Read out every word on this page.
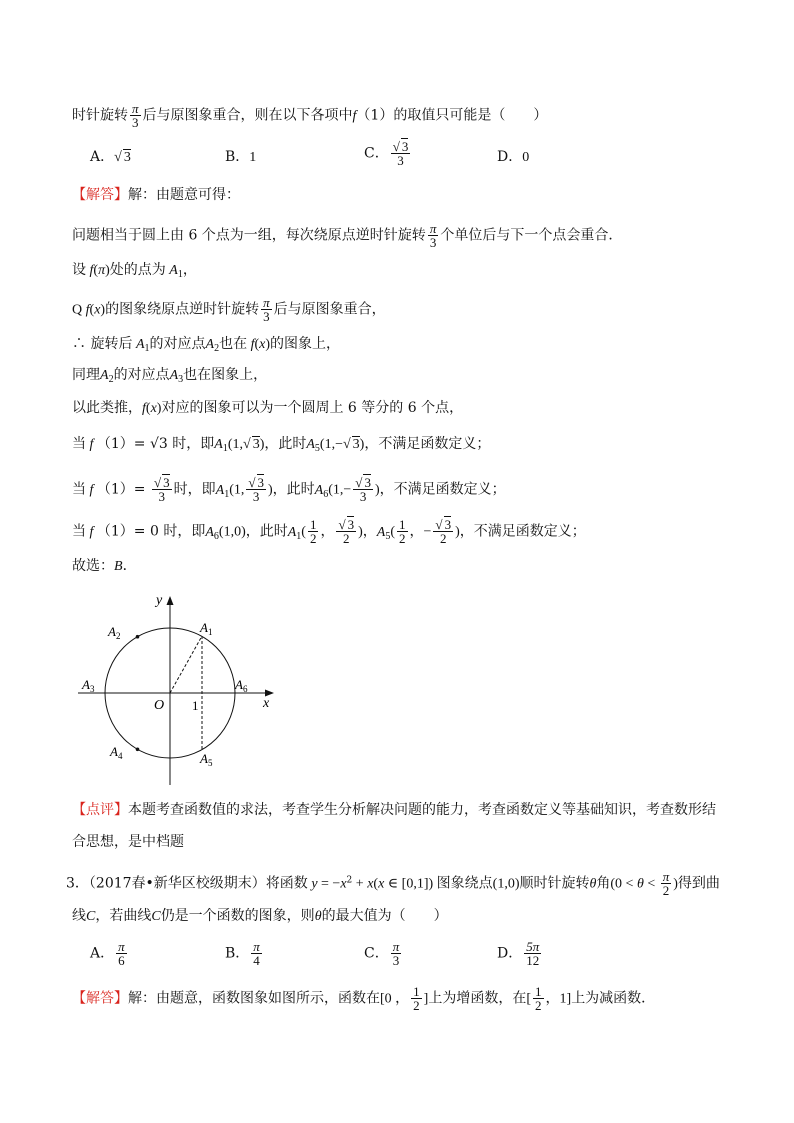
时针旋转 $\frac{\pi}{3}$ 后与原图象重合，则在以下各项中f（1）的取值只可能是（　　）
A．√ 3	B．1	C． $\frac{√ 3}{3}$	D．0
【解答】解：由题意可得：
问题相当于圆上由 6 个点为一组，每次绕原点逆时针旋转 $\frac{\pi}{3}$ 个单位后与下一个点会重合．
设 f(π)处的点为 $A_1$，
Q f(x)的图象绕原点逆时针旋转 $\frac{\pi}{3}$ 后与原图象重合，
∴ 旋转后 $A_1$的对应点$A_2$也在 f(x)的图象上，
同理$A_2$的对应点$A_3$也在图象上，
以此类推，f(x)对应的图象可以为一个圆周上 6 等分的 6 个点，
当 f （1）= √3 时，即$A_1(1,√$ 3)，此时$A_5(1,-√$ 3)，不满足函数定义；
当 f $(1)= \frac{√ 3}{3}$ 时，即$A_1(1$, $\frac{√ 3}{3}$ )，此时$A_6(1,- \frac{√ 3}{3}$ )，不满足函数定义；
当 f （1）= 0 时，即$A_6(1,0)$，此时$A_1( \frac{1}{2}$ ， $\frac{√ 3}{2}$ )，$A_5( \frac{1}{2}$ ，− $\frac{√ 3}{2}$ )，不满足函数定义；
故选：B．
y
x
O 1
$A_1$
$A_2$
$A_3$
$A_4$	$A_5$
$A_6$
【点评】本题考查函数值的求法，考查学生分析解决问题的能力，考查函数定义等基础知识，考查数形结
合思想，是中档题
3．（2017春•新华区校级期末）将函数 $y = -x^2 + x(x$ ∈ [0,1]) 图象绕点(1,0)顺时针旋转θ角($0 < \theta < \frac{\pi}{2}$ )得到曲
线C，若曲线C仍是一个函数的图象，则θ的最大值为（　　）
A． $\frac{\pi}{6}$	B． $\frac{\pi}{4}$	C． $\frac{\pi}{3}$	D． $\frac{5\pi}{12}$
【解答】解：由题意，函数图象如图所示，函数在[0 ， $\frac{1}{2}$ ]上为增函数，在[ $\frac{1}{2}$ ，1]上为减函数．
